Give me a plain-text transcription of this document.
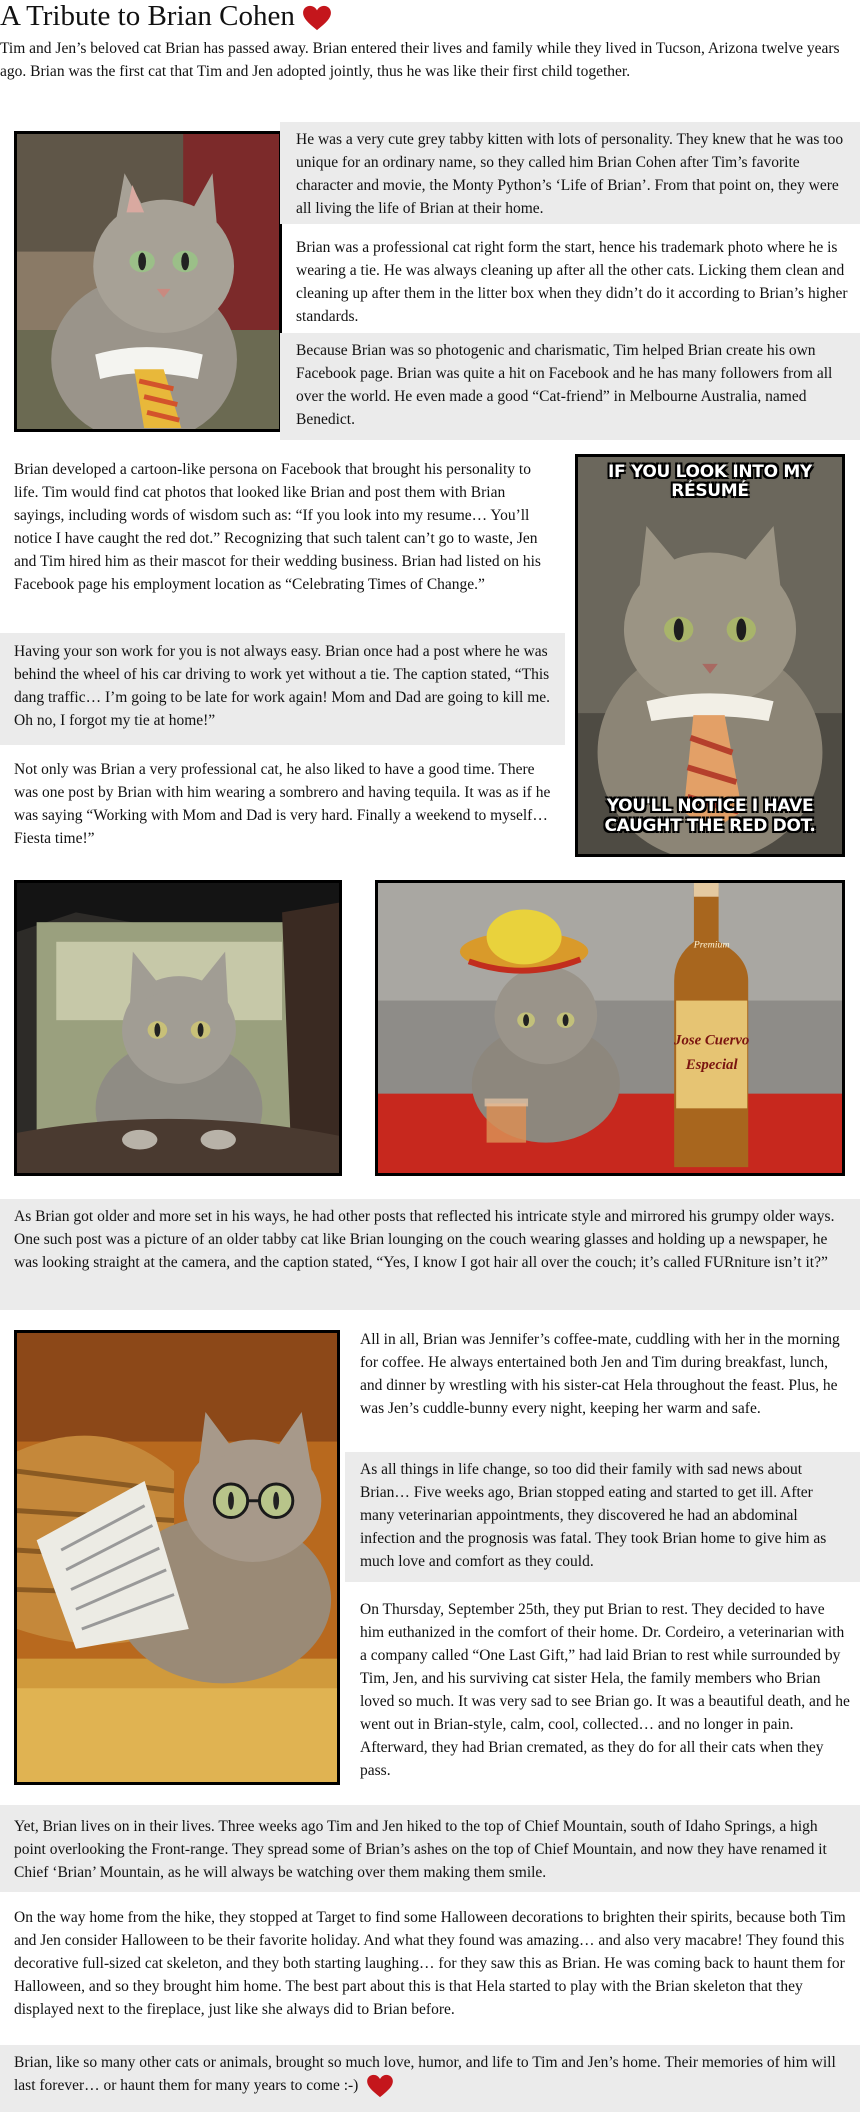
A Tribute to Brian Cohen
Tim and Jen’s beloved cat Brian has passed away. Brian entered their lives and family while they lived in Tucson, Arizona twelve years ago. Brian was the first cat that Tim and Jen adopted jointly, thus he was like their first child together.
He was a very cute grey tabby kitten with lots of personality. They knew that he was too unique for an ordinary name, so they called him Brian Cohen after Tim’s favorite character and movie, the Monty Python’s ‘Life of Brian’. From that point on, they were all living the life of Brian at their home.
Brian was a professional cat right form the start, hence his trademark photo where he is wearing a tie. He was always cleaning up after all the other cats. Licking them clean and cleaning up after them in the litter box when they didn’t do it according to Brian’s higher standards.
Because Brian was so photogenic and charismatic, Tim helped Brian create his own Facebook page. Brian was quite a hit on Facebook and he has many followers from all over the world. He even made a good “Cat-friend” in Melbourne Australia, named Benedict.
Brian developed a cartoon-like persona on Facebook that brought his personality to life. Tim would find cat photos that looked like Brian and post them with Brian sayings, including words of wisdom such as: “If you look into my resume… You’ll notice I have caught the red dot.” Recognizing that such talent can’t go to waste, Jen and Tim hired him as their mascot for their wedding business. Brian had listed on his Facebook page his employment location as “Celebrating Times of Change.”
Having your son work for you is not always easy. Brian once had a post where he was behind the wheel of his car driving to work yet without a tie. The caption stated, “This dang traffic… I’m going to be late for work again! Mom and Dad are going to kill me. Oh no, I forgot my tie at home!”
Not only was Brian a very professional cat, he also liked to have a good time. There was one post by Brian with him wearing a sombrero and having tequila. It was as if he was saying “Working with Mom and Dad is very hard. Finally a weekend to myself… Fiesta time!”
IF YOU LOOK INTO MY RÉSUMÉ
YOU'LL NOTICE I HAVE
CAUGHT THE RED DOT.
Premium
Jose Cuervo
Especial
As Brian got older and more set in his ways, he had other posts that reflected his intricate style and mirrored his grumpy older ways. One such post was a picture of an older tabby cat like Brian lounging on the couch wearing glasses and holding up a newspaper, he was looking straight at the camera, and the caption stated, “Yes, I know I got hair all over the couch; it’s called FURniture isn’t it?”
All in all, Brian was Jennifer’s coffee-mate, cuddling with her in the morning for coffee. He always entertained both Jen and Tim during breakfast, lunch, and dinner by wrestling with his sister-cat Hela throughout the feast. Plus, he was Jen’s cuddle-bunny every night, keeping her warm and safe.
As all things in life change, so too did their family with sad news about Brian… Five weeks ago, Brian stopped eating and started to get ill. After many veterinarian appointments, they discovered he had an abdominal infection and the prognosis was fatal. They took Brian home to give him as much love and comfort as they could.
On Thursday, September 25th, they put Brian to rest. They decided to have him euthanized in the comfort of their home. Dr. Cordeiro, a veterinarian with a company called “One Last Gift,” had laid Brian to rest while surrounded by Tim, Jen, and his surviving cat sister Hela, the family members who Brian loved so much. It was very sad to see Brian go. It was a beautiful death, and he went out in Brian-style, calm, cool, collected… and no longer in pain. Afterward, they had Brian cremated, as they do for all their cats when they pass.
Yet, Brian lives on in their lives. Three weeks ago Tim and Jen hiked to the top of Chief Mountain, south of Idaho Springs, a high point overlooking the Front-range. They spread some of Brian’s ashes on the top of Chief Mountain, and now they have renamed it Chief ‘Brian’ Mountain, as he will always be watching over them making them smile.
On the way home from the hike, they stopped at Target to find some Halloween decorations to brighten their spirits, because both Tim and Jen consider Halloween to be their favorite holiday. And what they found was amazing… and also very macabre! They found this decorative full-sized cat skeleton, and they both starting laughing… for they saw this as Brian. He was coming back to haunt them for Halloween, and so they brought him home. The best part about this is that Hela started to play with the Brian skeleton that they displayed next to the fireplace, just like she always did to Brian before.
Brian, like so many other cats or animals, brought so much love, humor, and life to Tim and Jen’s home. Their memories of him will last forever… or haunt them for many years to come :-)
